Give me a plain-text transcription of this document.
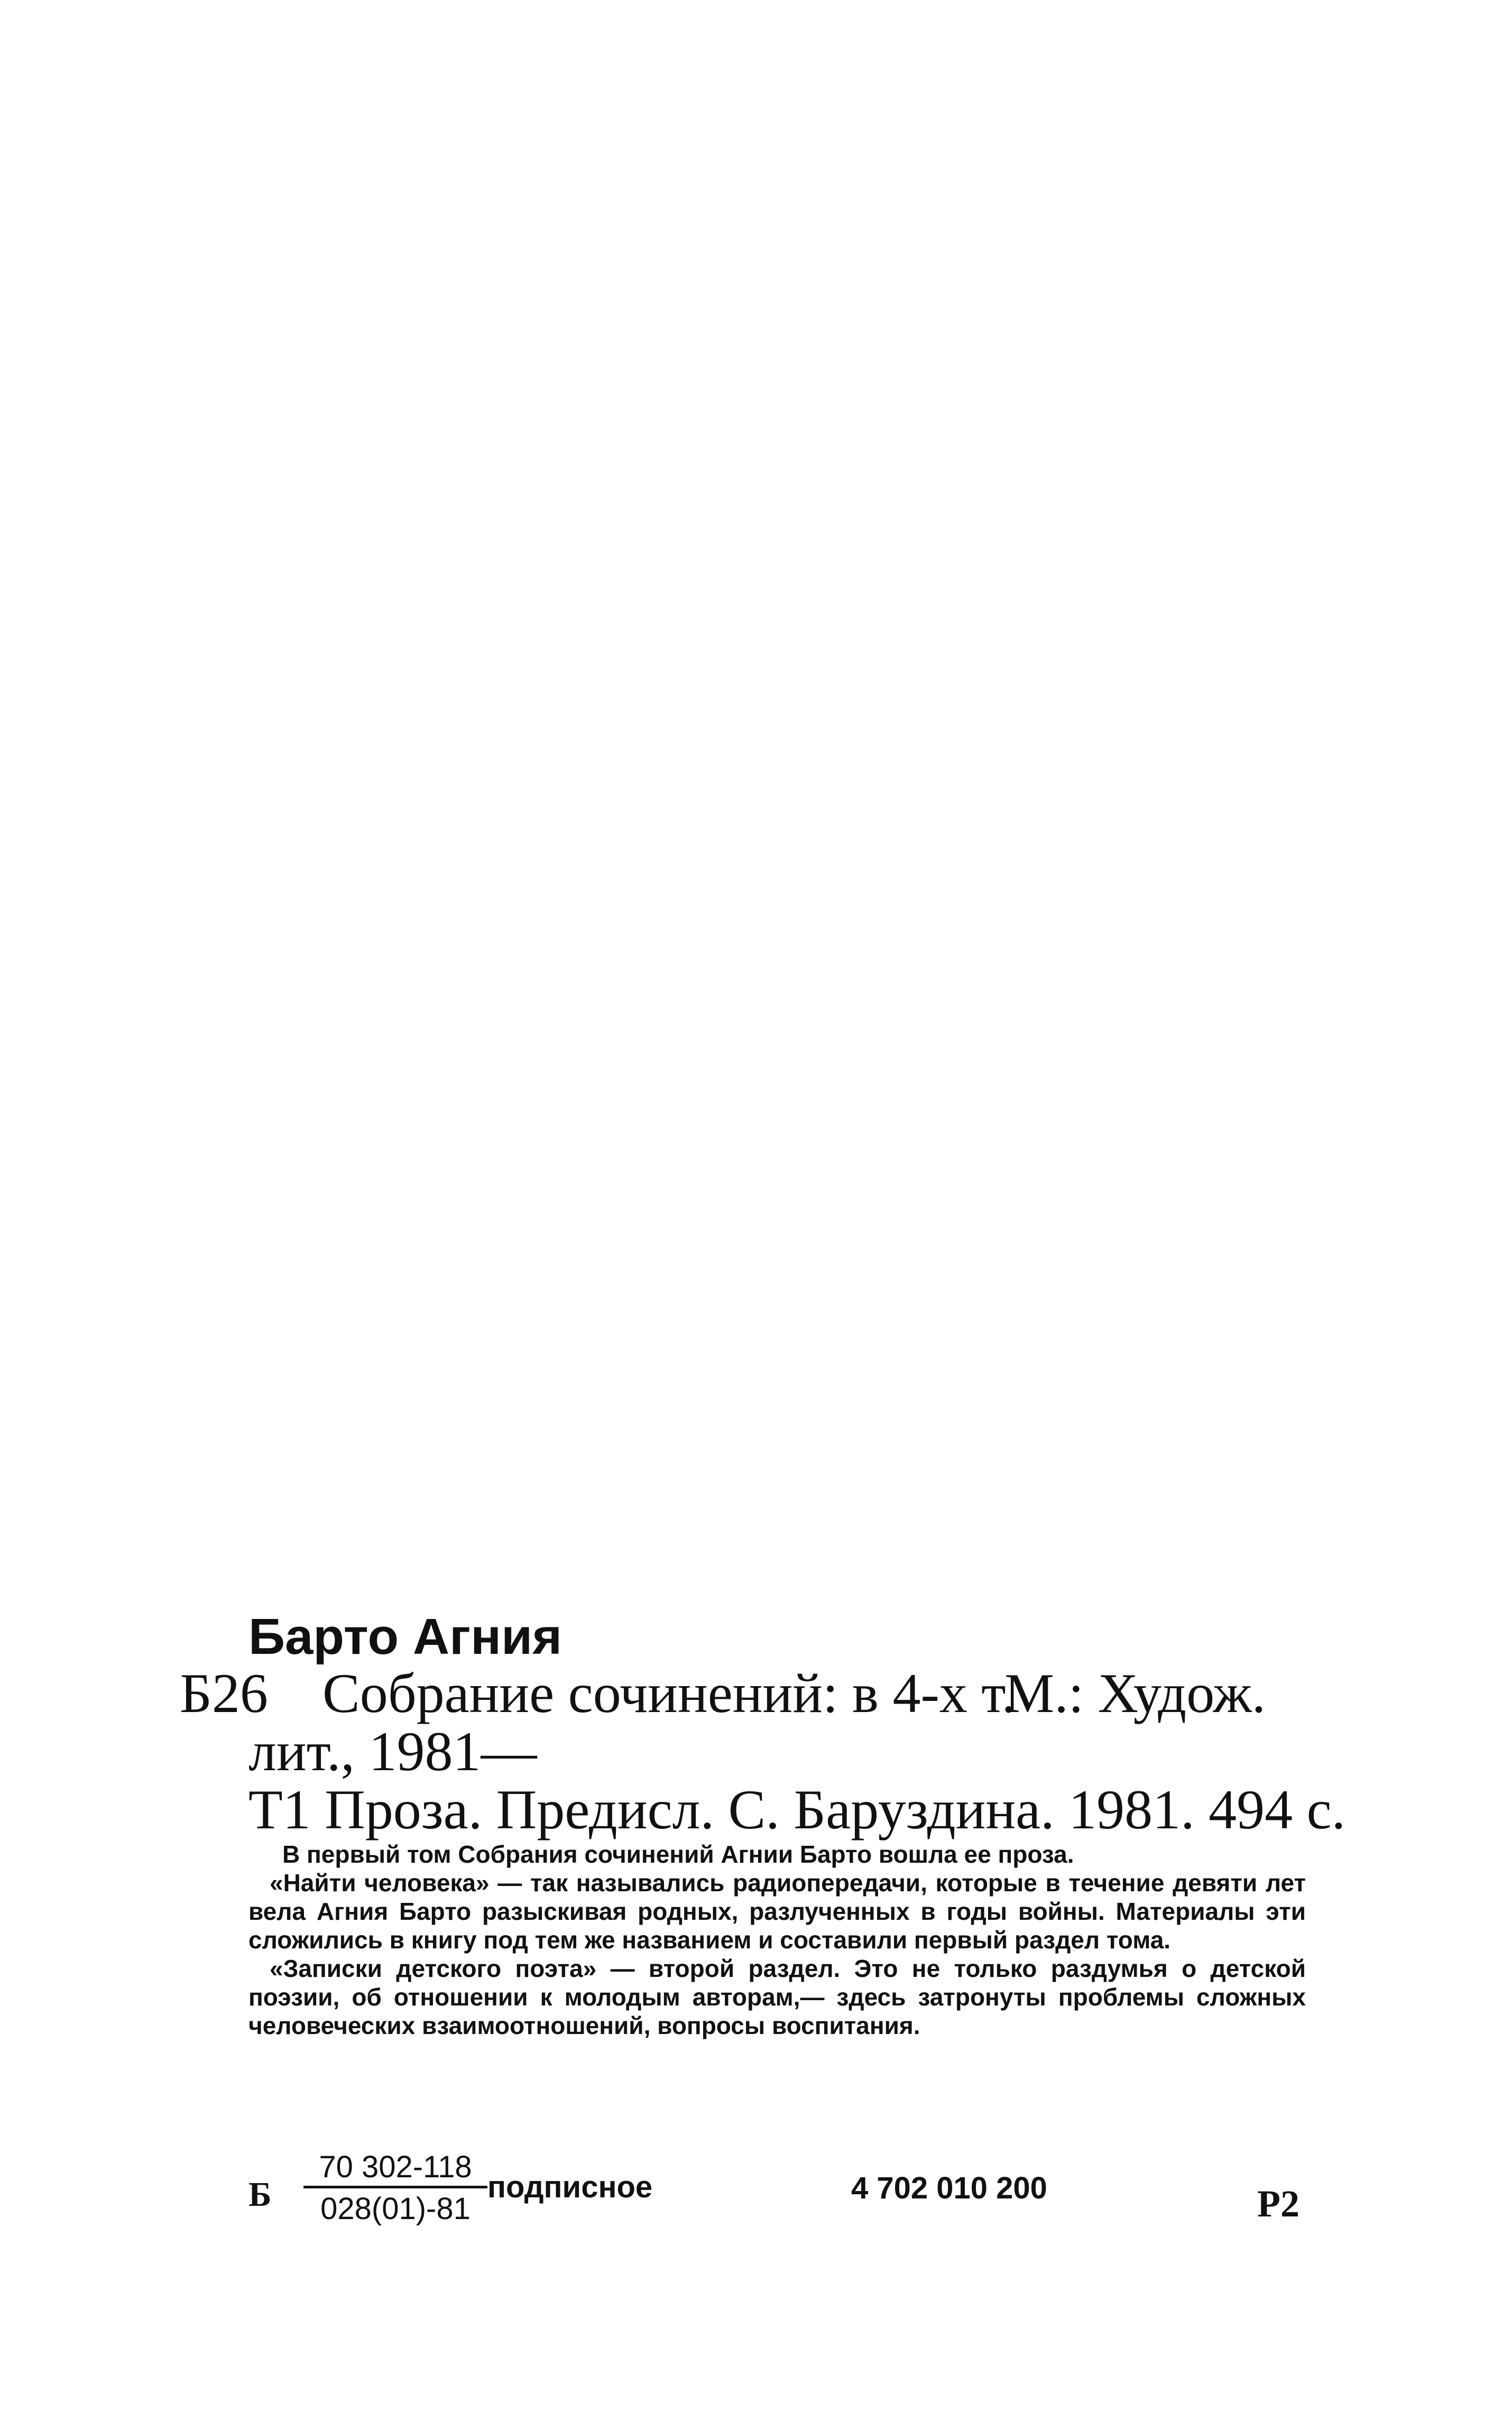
Барто Агния
Б26 Собрание сочинений: в 4-х т.
М.: Худож.
лит., 1981—
Т1 Проза. Предисл. С. Баруздина. 1981. 494 с.

В первый том Собрания сочинений Агнии Барто вошла ее проза.

«Найти человека» — так назывались радиопередачи, которые в течение девяти лет вела Агния Барто разыскивая родных, разлученных в годы войны. Материалы эти сложились в книгу под тем же названием и составили первый раздел тома.

«Записки детского поэта» — второй раздел. Это не только раздумья о детской поэзии, об отношении к молодым авторам,— здесь затронуты проблемы сложных человеческих взаимоотношений, вопросы воспитания.

Б
70 302-118
028(01)-81
подписное	4 702 010 200	Р2
